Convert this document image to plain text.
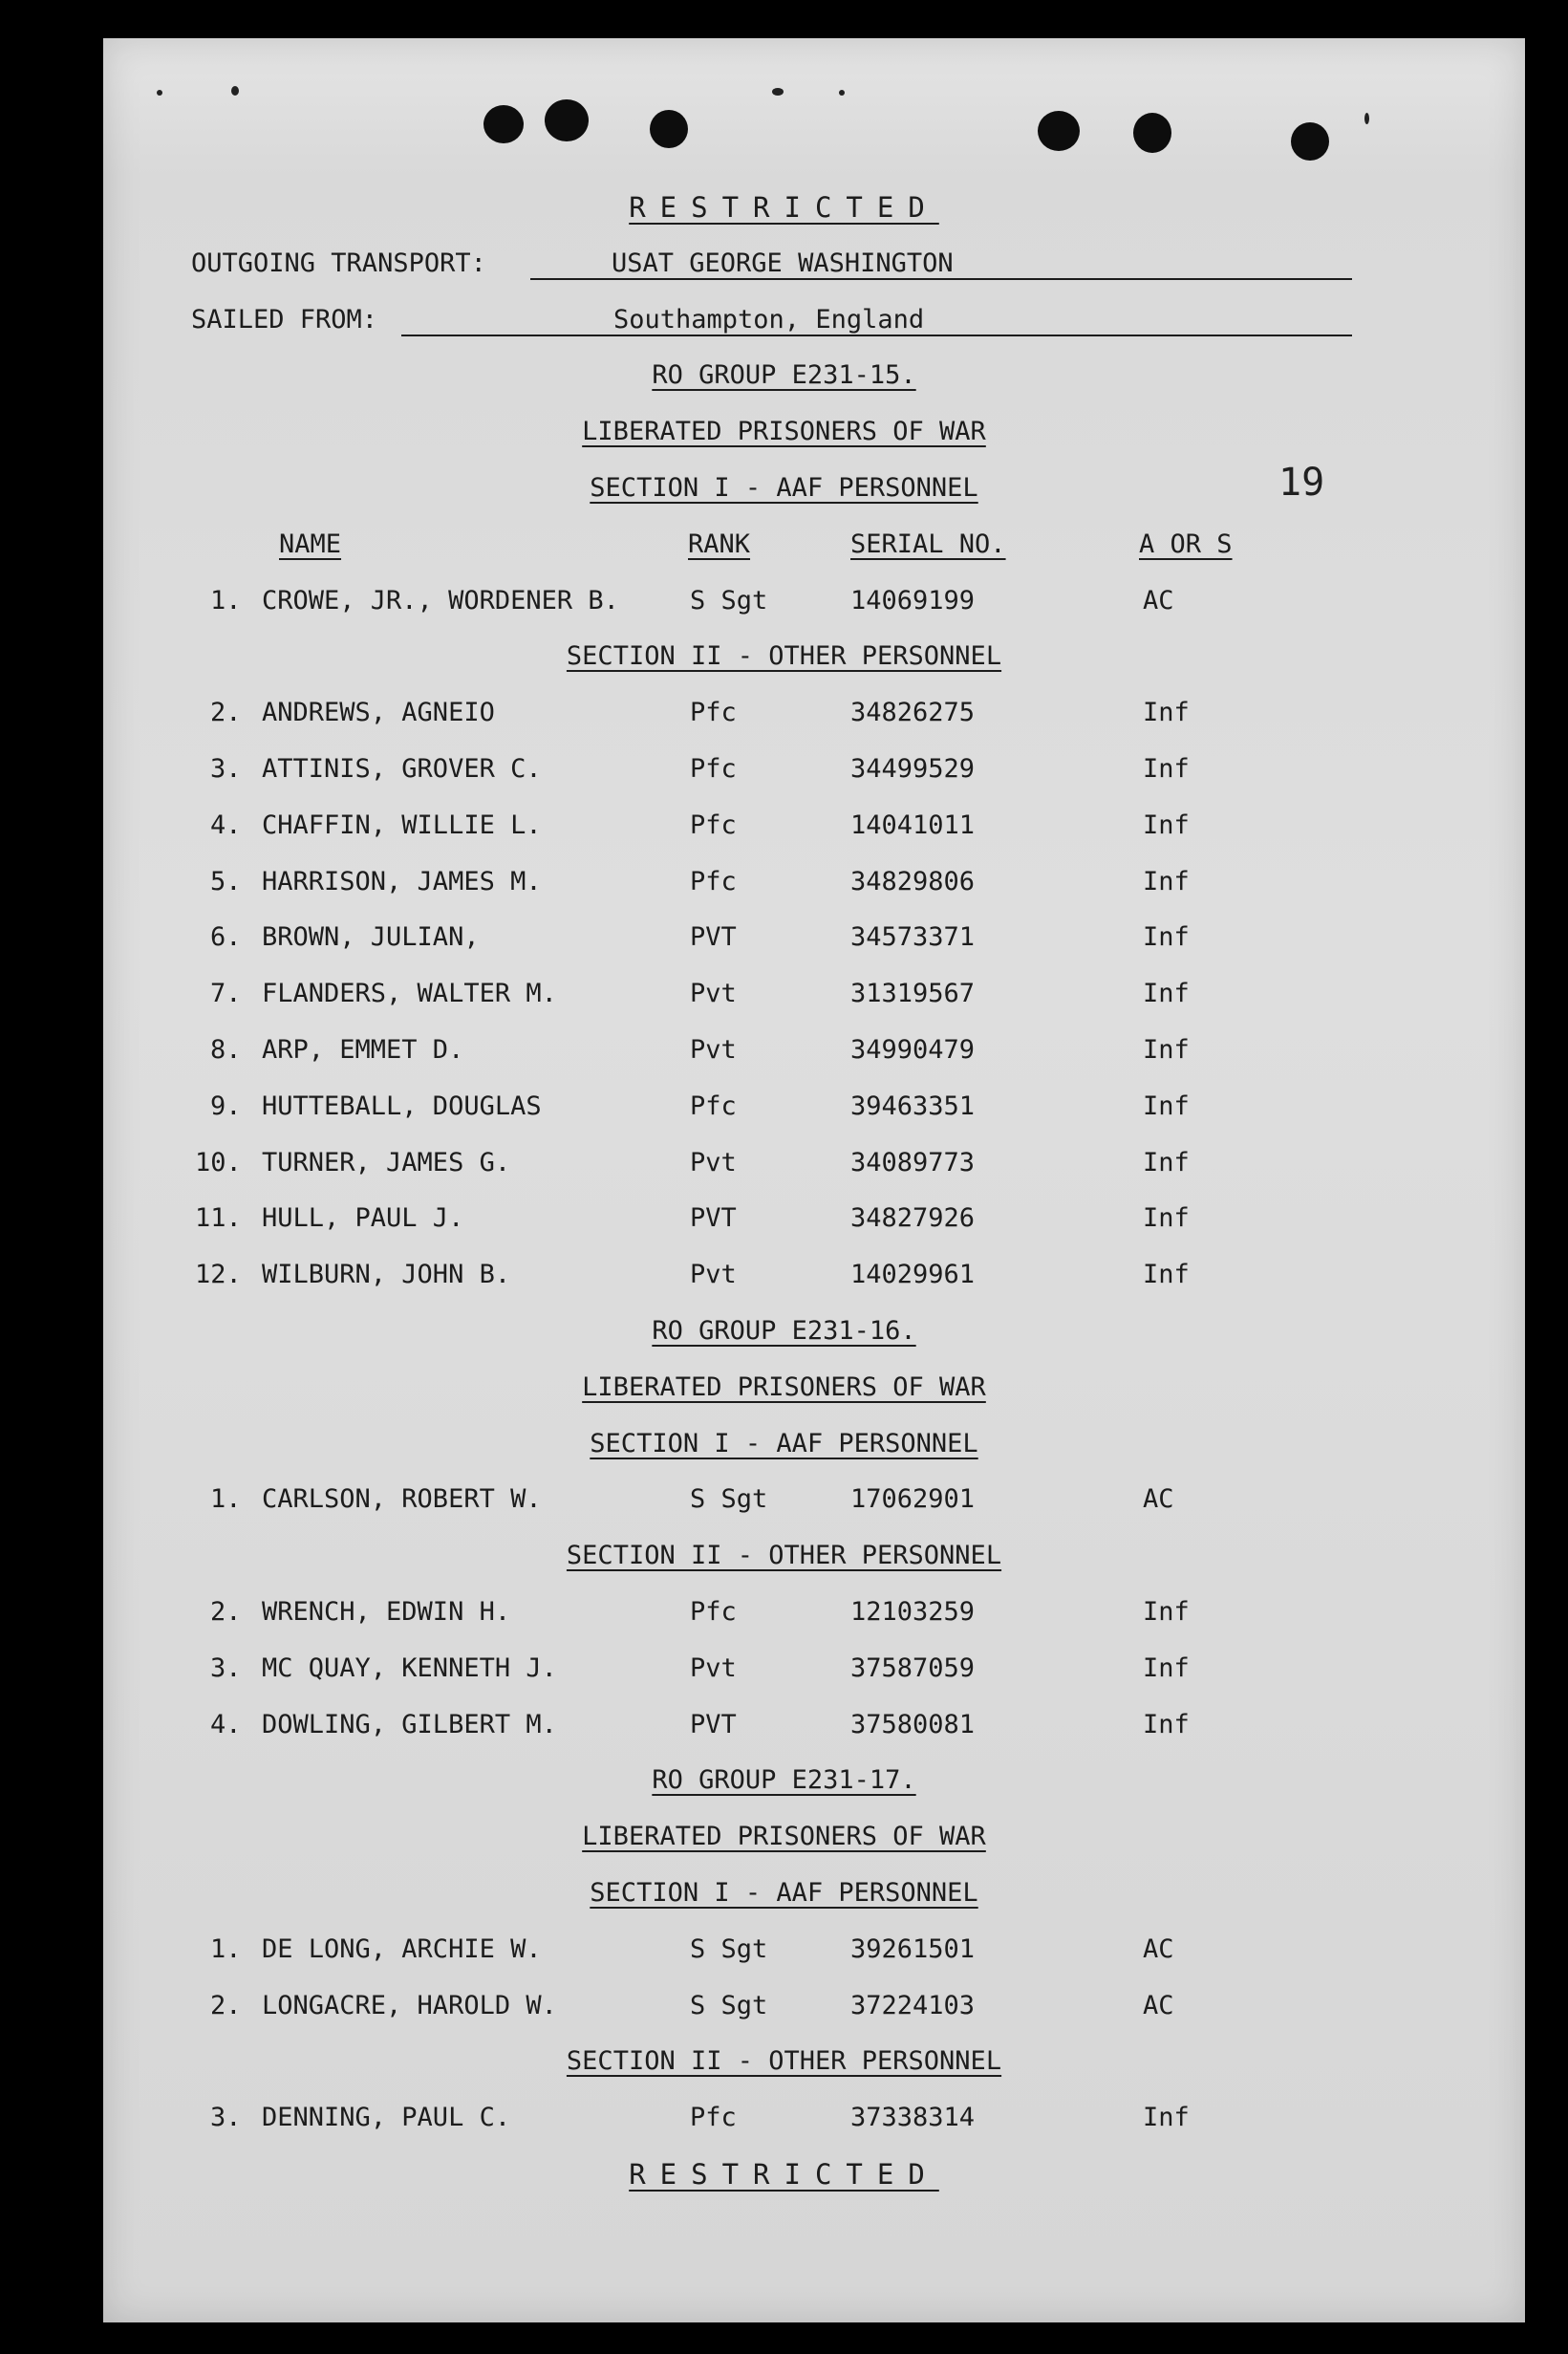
RESTRICTED
OUTGOING TRANSPORT:	USAT GEORGE WASHINGTON
SAILED FROM:	Southampton, England
RO GROUP E231-15.
LIBERATED PRISONERS OF WAR
SECTION I - AAF PERSONNEL	19
NAME	RANK	SERIAL NO.	A OR S
1. CROWE, JR., WORDENER B.	S Sgt	14069199	AC
SECTION II - OTHER PERSONNEL
2. ANDREWS, AGNEIO	Pfc	34826275	Inf
3. ATTINIS, GROVER C.	Pfc	34499529	Inf
4. CHAFFIN, WILLIE L.	Pfc	14041011	Inf
5. HARRISON, JAMES M.	Pfc	34829806	Inf
6. BROWN, JULIAN,	PVT	34573371	Inf
7. FLANDERS, WALTER M.	Pvt	31319567	Inf
8. ARP, EMMET D.	Pvt	34990479	Inf
9. HUTTEBALL, DOUGLAS	Pfc	39463351	Inf
10. TURNER, JAMES G.	Pvt	34089773	Inf
11. HULL, PAUL J.	PVT	34827926	Inf
12. WILBURN, JOHN B.	Pvt	14029961	Inf
RO GROUP E231-16.
LIBERATED PRISONERS OF WAR
SECTION I - AAF PERSONNEL
1. CARLSON, ROBERT W.	S Sgt	17062901	AC
SECTION II - OTHER PERSONNEL
2. WRENCH, EDWIN H.	Pfc	12103259	Inf
3. MC QUAY, KENNETH J.	Pvt	37587059	Inf
4. DOWLING, GILBERT M.	PVT	37580081	Inf
RO GROUP E231-17.
LIBERATED PRISONERS OF WAR
SECTION I - AAF PERSONNEL
1. DE LONG, ARCHIE W.	S Sgt	39261501	AC
2. LONGACRE, HAROLD W.	S Sgt	37224103	AC
SECTION II - OTHER PERSONNEL
3. DENNING, PAUL C.	Pfc	37338314	Inf
RESTRICTED
